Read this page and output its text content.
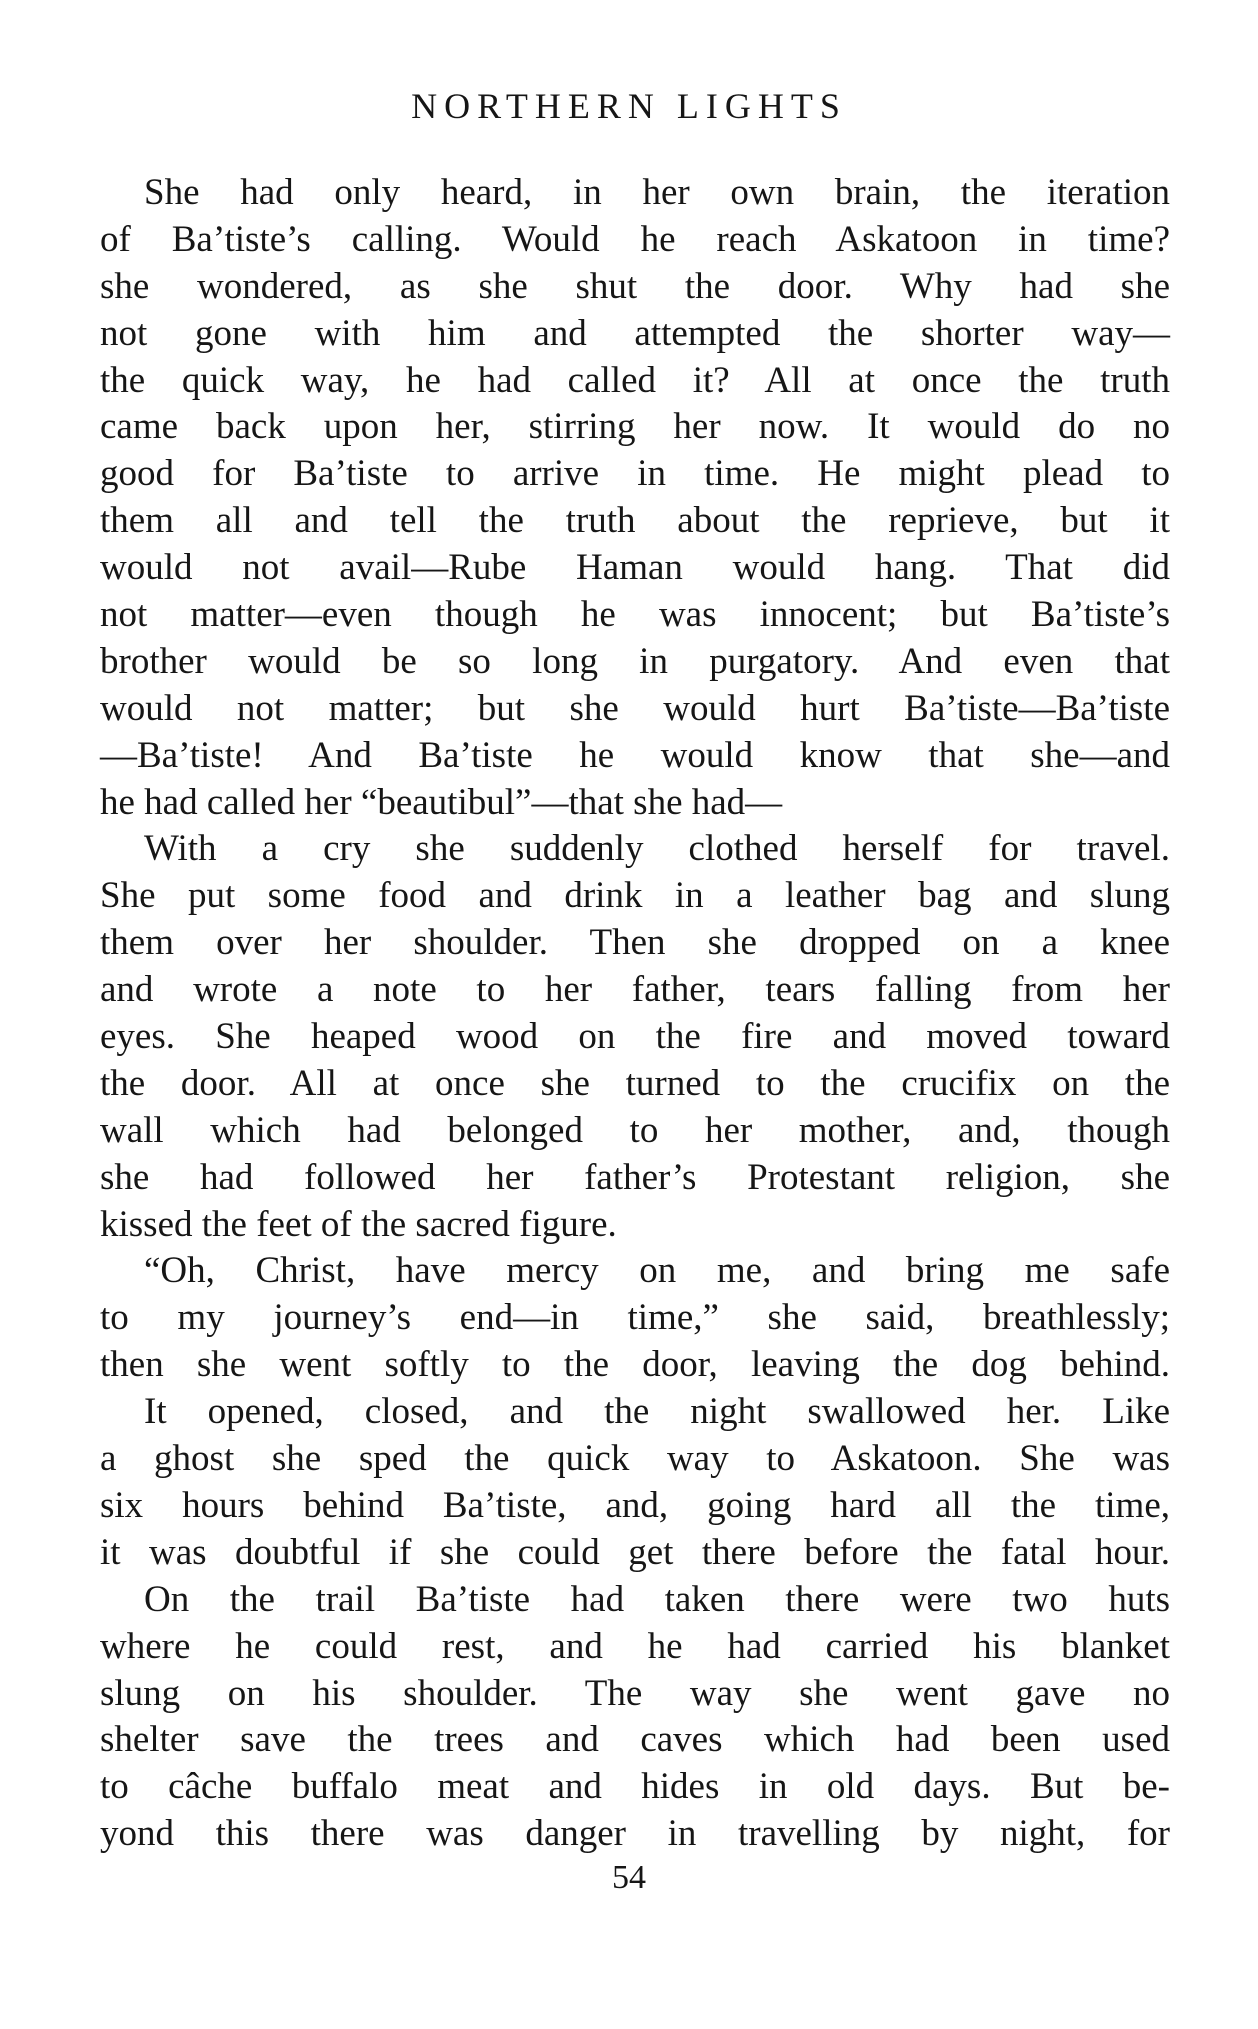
NORTHERN LIGHTS
She had only heard, in her own brain, the iteration
of Ba’tiste’s calling. Would he reach Askatoon in time?
she wondered, as she shut the door. Why had she
not gone with him and attempted the shorter way—
the quick way, he had called it? All at once the truth
came back upon her, stirring her now. It would do no
good for Ba’tiste to arrive in time. He might plead to
them all and tell the truth about the reprieve, but it
would not avail—Rube Haman would hang. That did
not matter—even though he was innocent; but Ba’tiste’s
brother would be so long in purgatory. And even that
would not matter; but she would hurt Ba’tiste—Ba’tiste
—Ba’tiste! And Ba’tiste he would know that she—and
he had called her “beautibul”—that she had—
With a cry she suddenly clothed herself for travel.
She put some food and drink in a leather bag and slung
them over her shoulder. Then she dropped on a knee
and wrote a note to her father, tears falling from her
eyes. She heaped wood on the fire and moved toward
the door. All at once she turned to the crucifix on the
wall which had belonged to her mother, and, though
she had followed her father’s Protestant religion, she
kissed the feet of the sacred figure.
“Oh, Christ, have mercy on me, and bring me safe
to my journey’s end—in time,” she said, breathlessly;
then she went softly to the door, leaving the dog behind.
It opened, closed, and the night swallowed her. Like
a ghost she sped the quick way to Askatoon. She was
six hours behind Ba’tiste, and, going hard all the time,
it was doubtful if she could get there before the fatal hour.
On the trail Ba’tiste had taken there were two huts
where he could rest, and he had carried his blanket
slung on his shoulder. The way she went gave no
shelter save the trees and caves which had been used
to câche buffalo meat and hides in old days. But be-
yond this there was danger in travelling by night, for
54
